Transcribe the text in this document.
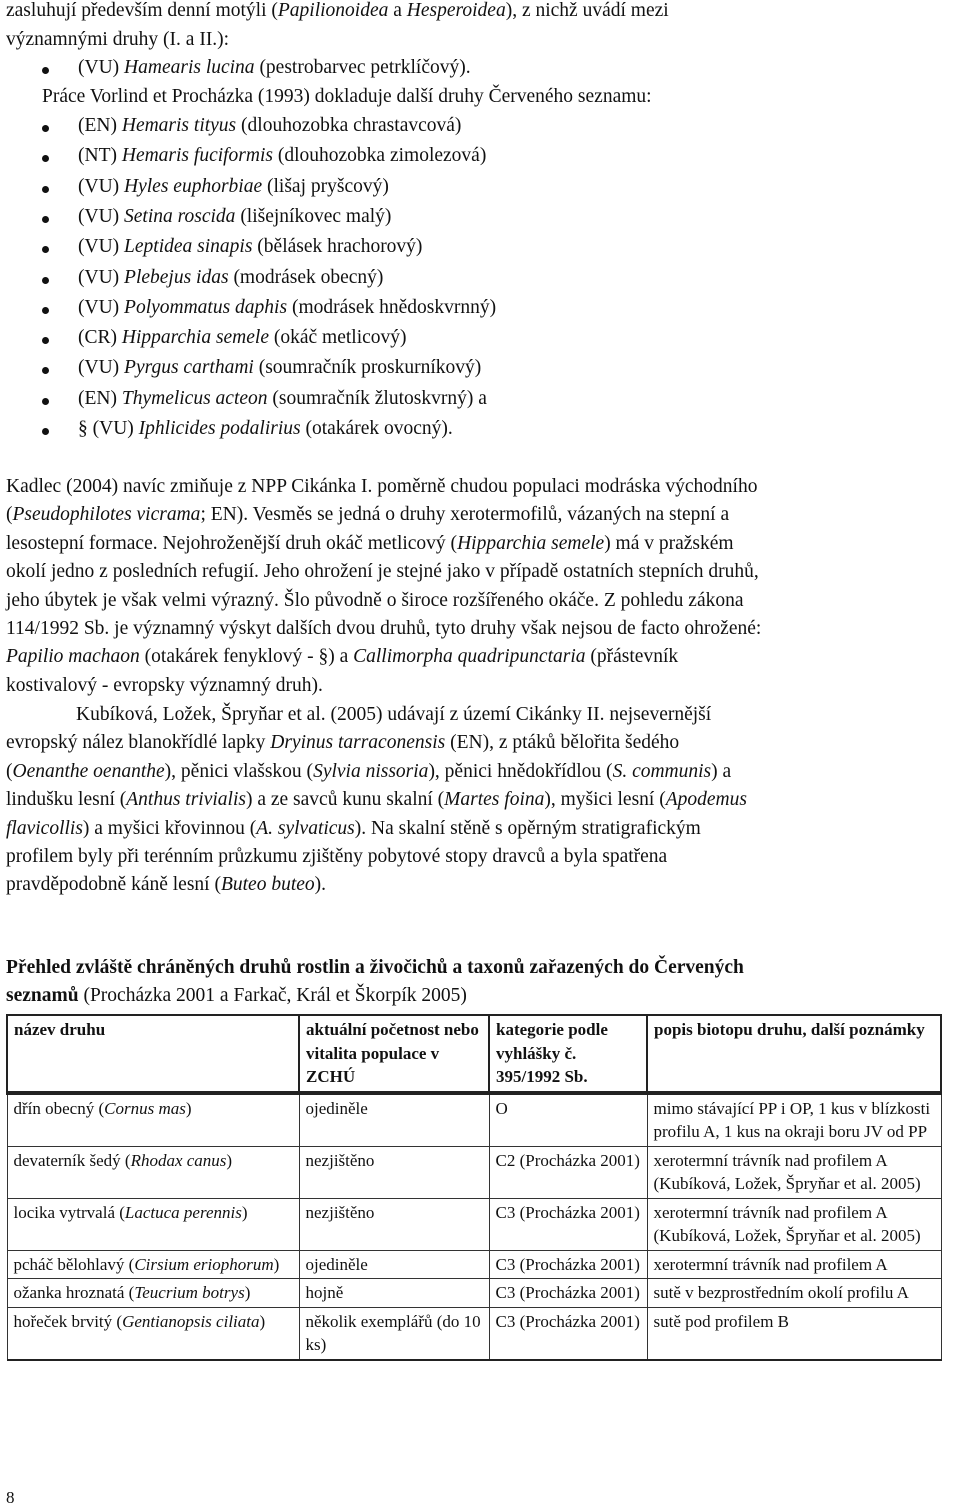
zasluhují především denní motýli (Papilionoidea a Hesperoidea), z nichž uvádí mezi
významnými druhy (I. a II.):
(VU) Hamearis lucina (pestrobarvec petrklíčový).
Práce Vorlind et Procházka (1993) dokladuje další druhy Červeného seznamu:
(EN) Hemaris tityus (dlouhozobka chrastavcová)
(NT) Hemaris fuciformis (dlouhozobka zimolezová)
(VU) Hyles euphorbiae (lišaj pryšcový)
(VU) Setina roscida (lišejníkovec malý)
(VU) Leptidea sinapis (bělásek hrachorový)
(VU) Plebejus idas (modrásek obecný)
(VU) Polyommatus daphis (modrásek hnědoskvrnný)
(CR) Hipparchia semele (okáč metlicový)
(VU) Pyrgus carthami (soumračník proskurníkový)
(EN) Thymelicus acteon (soumračník žlutoskvrný) a
§ (VU) Iphlicides podalirius (otakárek ovocný).
Kadlec (2004) navíc zmiňuje z NPP Cikánka I. poměrně chudou populaci modráska východního
(Pseudophilotes vicrama; EN). Vesměs se jedná o druhy xerotermofilů, vázaných na stepní a
lesostepní formace. Nejohroženější druh okáč metlicový (Hipparchia semele) má v pražském
okolí jedno z posledních refugií. Jeho ohrožení je stejné jako v případě ostatních stepních druhů,
jeho úbytek je však velmi výrazný. Šlo původně o široce rozšířeného okáče. Z pohledu zákona
114/1992 Sb. je významný výskyt dalších dvou druhů, tyto druhy však nejsou de facto ohrožené:
Papilio machaon (otakárek fenyklový - §) a Callimorpha quadripunctaria (přástevník
kostivalový - evropsky významný druh).
Kubíková, Ložek, Špryňar et al. (2005) udávají z území Cikánky II. nejsevernější
evropský nález blanokřídlé lapky Dryinus tarraconensis (EN), z ptáků bělořita šedého
(Oenanthe oenanthe), pěnici vlašskou (Sylvia nissoria), pěnici hnědokřídlou (S. communis) a
lindušku lesní (Anthus trivialis) a ze savců kunu skalní (Martes foina), myšici lesní (Apodemus
flavicollis) a myšici křovinnou (A. sylvaticus). Na skalní stěně s opěrným stratigrafickým
profilem byly při terénním průzkumu zjištěny pobytové stopy dravců a byla spatřena
pravděpodobně káně lesní (Buteo buteo).
Přehled zvláště chráněných druhů rostlin a živočichů a taxonů zařazených do Červených
seznamů (Procházka 2001 a Farkač, Král et Škorpík 2005)
název druhu	aktuální početnost nebo vitalita populace v ZCHÚ	kategorie podle vyhlášky č. 395/1992 Sb.	popis biotopu druhu, další poznámky
dřín obecný (Cornus mas)	ojediněle	O	mimo stávající PP i OP, 1 kus v blízkosti profilu A, 1 kus na okraji boru JV od PP
devaterník šedý (Rhodax canus)	nezjištěno	C2 (Procházka 2001)	xerotermní trávník nad profilem A (Kubíková, Ložek, Špryňar et al. 2005)
locika vytrvalá (Lactuca perennis)	nezjištěno	C3 (Procházka 2001)	xerotermní trávník nad profilem A (Kubíková, Ložek, Špryňar et al. 2005)
pcháč bělohlavý (Cirsium eriophorum)	ojediněle	C3 (Procházka 2001)	xerotermní trávník nad profilem A
ožanka hroznatá (Teucrium botrys)	hojně	C3 (Procházka 2001)	sutě v bezprostředním okolí profilu A
hořeček brvitý (Gentianopsis ciliata)	několik exemplářů (do 10 ks)	C3 (Procházka 2001)	sutě pod profilem B
8
